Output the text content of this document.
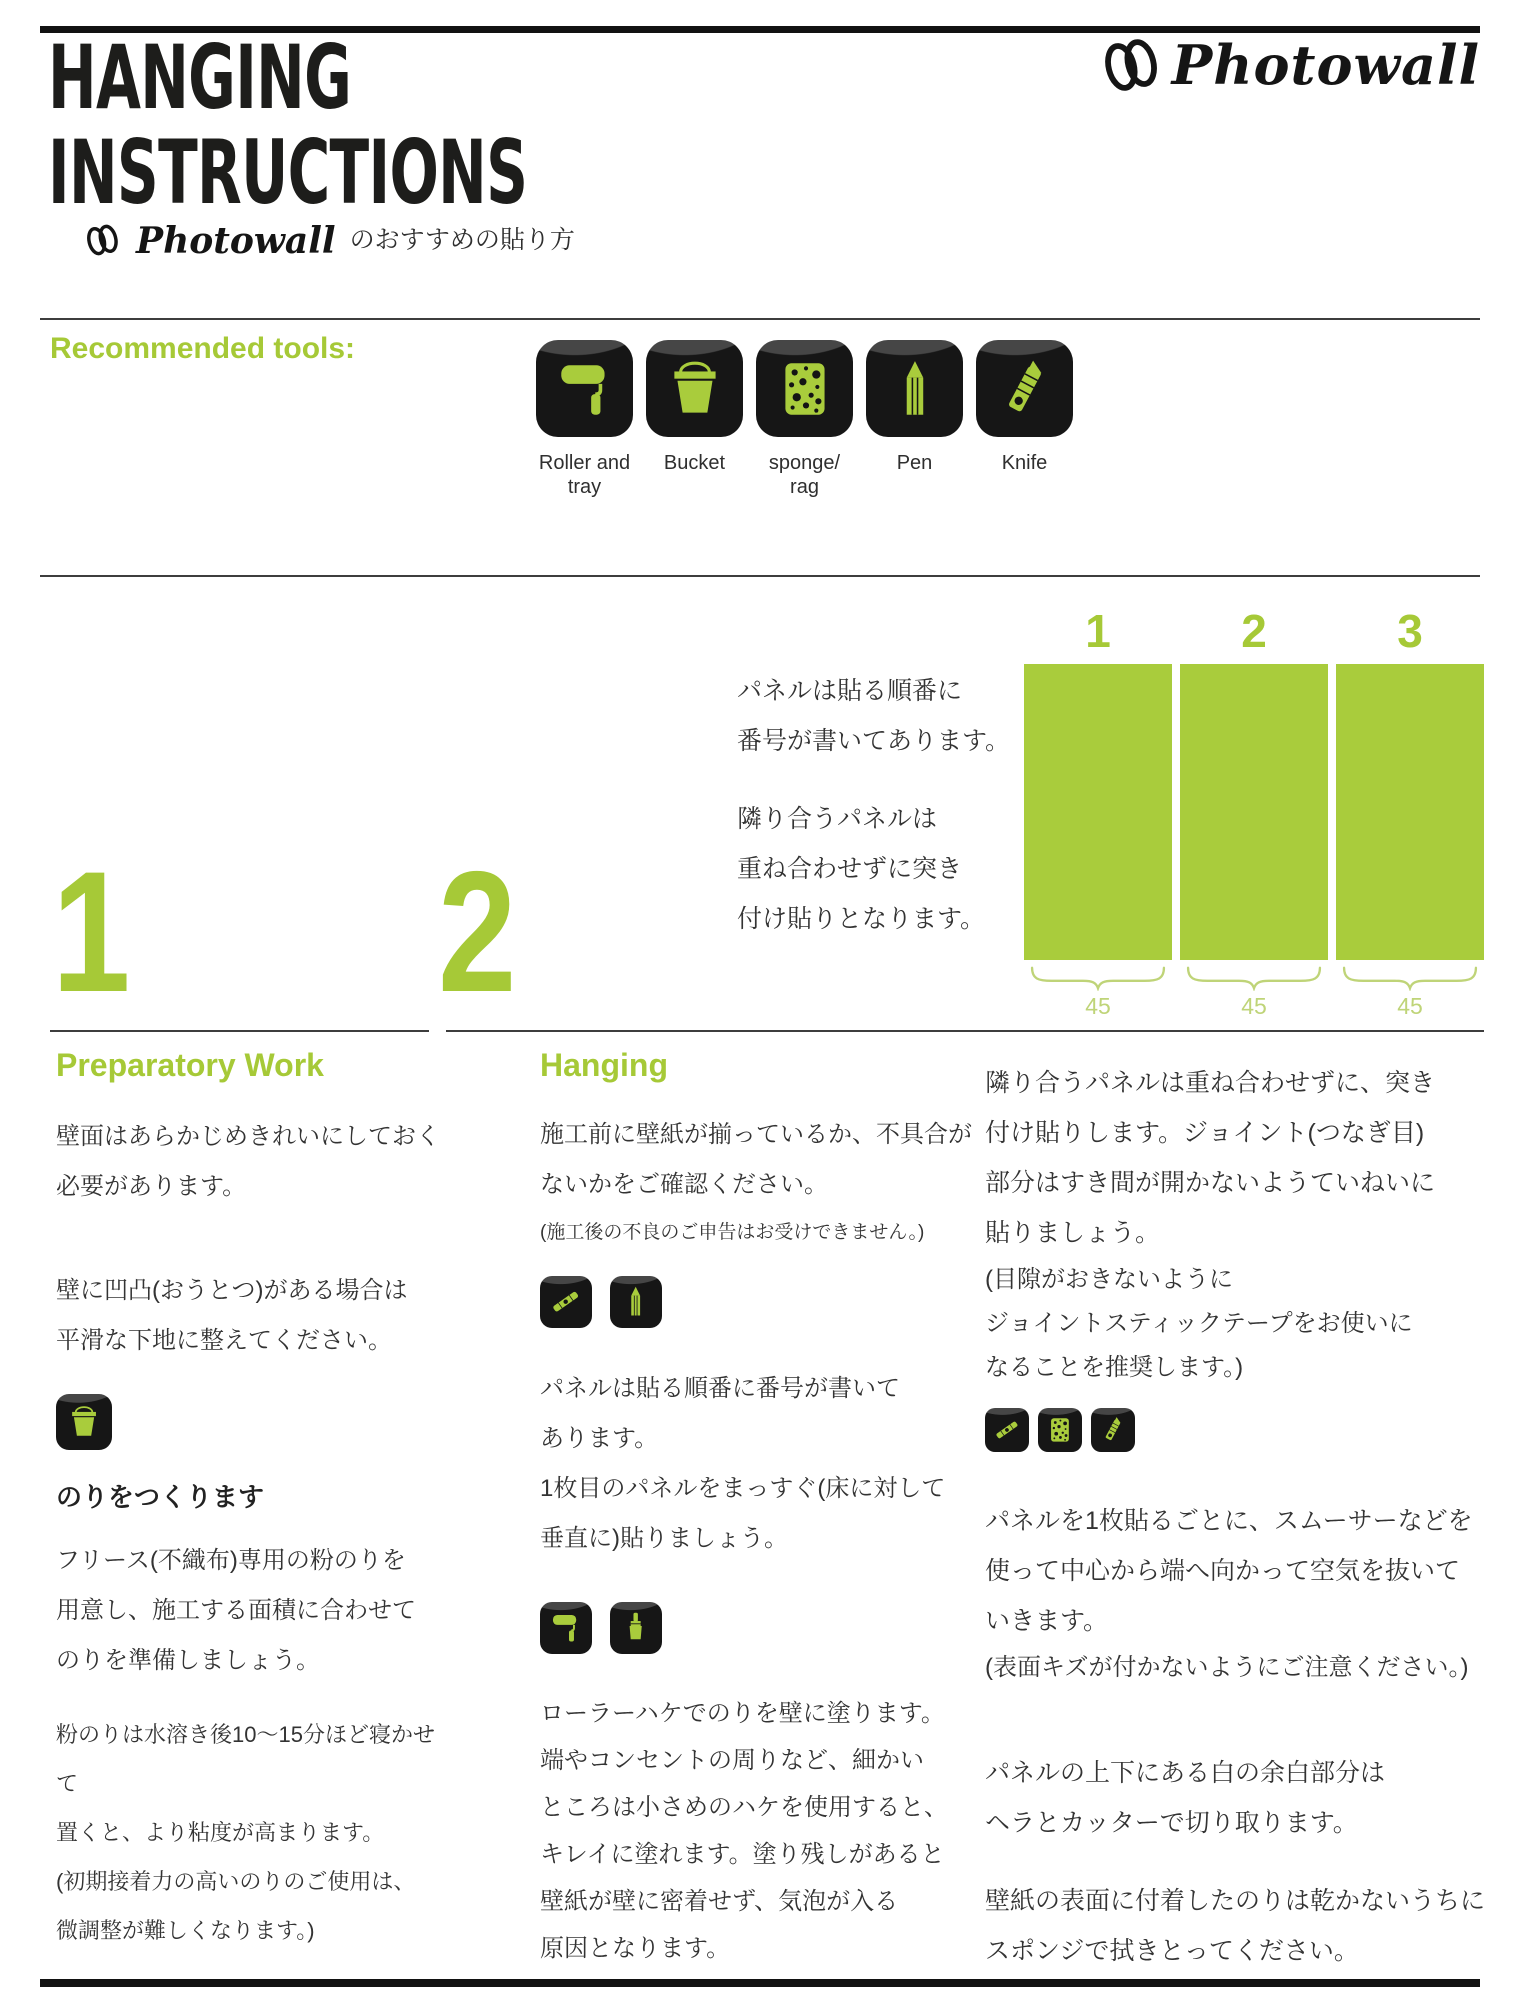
HANGING
INSTRUCTIONS
Photowall
Photowall のおすすめの貼り方
Recommended tools:
Roller and
tray
Bucket sponge/
rag
Pen	Knife
1 2
パネルは貼る順番に
番号が書いてあります。
隣り合うパネルは
重ね合わせずに突き
付け貼りとなります。
1
45
2
45
3
45
Preparatory Work

壁面はあらかじめきれいにしておく
必要があります。

壁に凹凸(おうとつ)がある場合は
平滑な下地に整えてください。

のりをつくります

フリース(不織布)専用の粉のりを
用意し、施工する面積に合わせて
のりを準備しましょう。

粉のりは水溶き後10〜15分ほど寝かせて
置くと、より粘度が高まります。
(初期接着力の高いのりのご使用は、
微調整が難しくなります。)

Hanging

施工前に壁紙が揃っているか、不具合が
ないかをご確認ください。

(施工後の不良のご申告はお受けできません。)

パネルは貼る順番に番号が書いて
あります。
1枚目のパネルをまっすぐ(床に対して
垂直に)貼りましょう。

ローラーハケでのりを壁に塗ります。
端やコンセントの周りなど、細かい
ところは小さめのハケを使用すると、
キレイに塗れます。塗り残しがあると
壁紙が壁に密着せず、気泡が入る
原因となります。

隣り合うパネルは重ね合わせずに、突き
付け貼りします。ジョイント(つなぎ目)
部分はすき間が開かないようていねいに
貼りましょう。

(目隙がおきないように
ジョイントスティックテープをお使いに
なることを推奨します。)

パネルを1枚貼るごとに、スムーサーなどを
使って中心から端へ向かって空気を抜いて
いきます。

(表面キズが付かないようにご注意ください。)

パネルの上下にある白の余白部分は
ヘラとカッターで切り取ります。

壁紙の表面に付着したのりは乾かないうちに
スポンジで拭きとってください。
